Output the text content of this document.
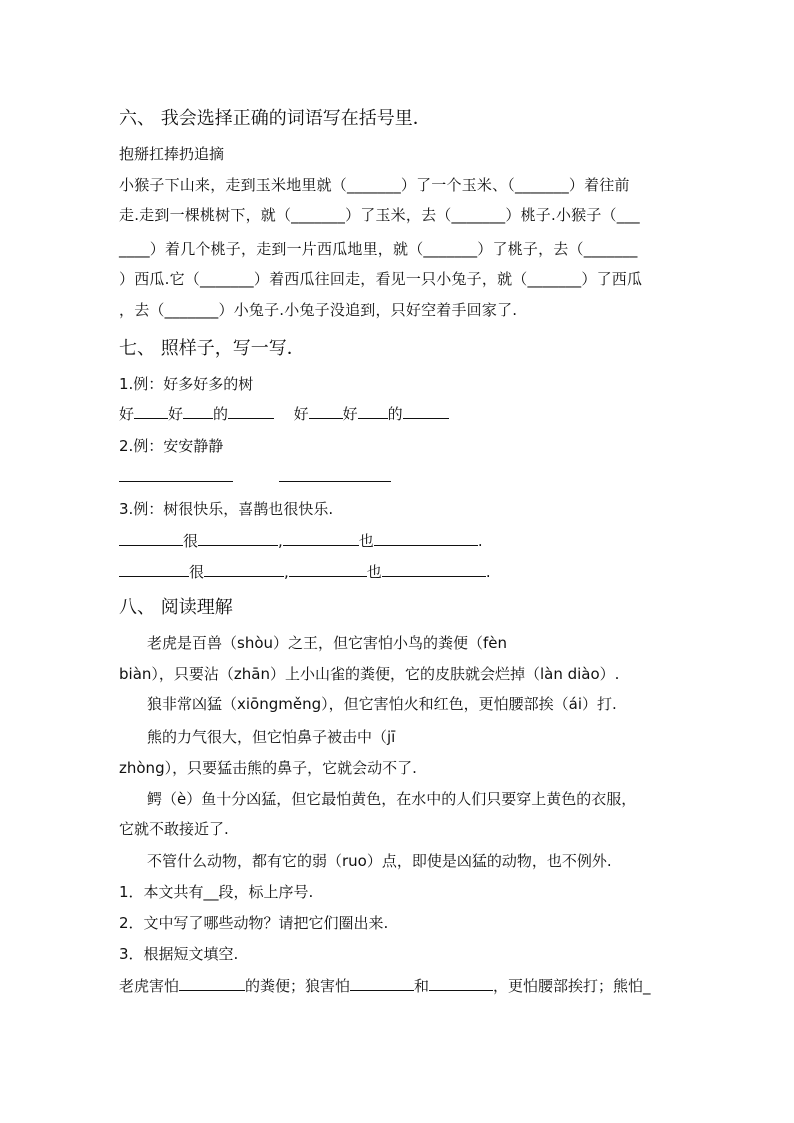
六、 我会选择正确的词语写在括号里．
抱掰扛捧扔追摘
小猴子下山来，走到玉米地里就（_______）了一个玉米、（_______）着往前
走.走到一棵桃树下，就（_______）了玉米，去（_______）桃子.小猴子（___
____）着几个桃子，走到一片西瓜地里，就（_______）了桃子，去（_______
）西瓜.它（_______）着西瓜往回走，看见一只小兔子，就（_______）了西瓜
，去（_______）小兔子.小兔子没追到，只好空着手回家了.
七、 照样子，写一写．
1.例：好多好多的树
好 好 的	好 好 的
2.例：安安静静
3.例：树很快乐，喜鹊也很快乐.
很	,	也	.
很	,	也	.
八、 阅读理解
老虎是百兽（shòu）之王，但它害怕小鸟的粪便（fèn
biàn），只要沾（zhān）上小山雀的粪便，它的皮肤就会烂掉（làn diào）.
狼非常凶猛（xiōngměng），但它害怕火和红色，更怕腰部挨（ái）打.
熊的力气很大，但它怕鼻子被击中（jī
zhòng），只要猛击熊的鼻子，它就会动不了.
鳄（è）鱼十分凶猛，但它最怕黄色，在水中的人们只要穿上黄色的衣服，
它就不敢接近了.
不管什么动物，都有它的弱（ruo）点，即使是凶猛的动物，也不例外.
1．本文共有__段，标上序号.
2．文中写了哪些动物？请把它们圈出来.
3．根据短文填空.
老虎害怕	的粪便；狼害怕	和	，更怕腰部挨打；熊怕_
